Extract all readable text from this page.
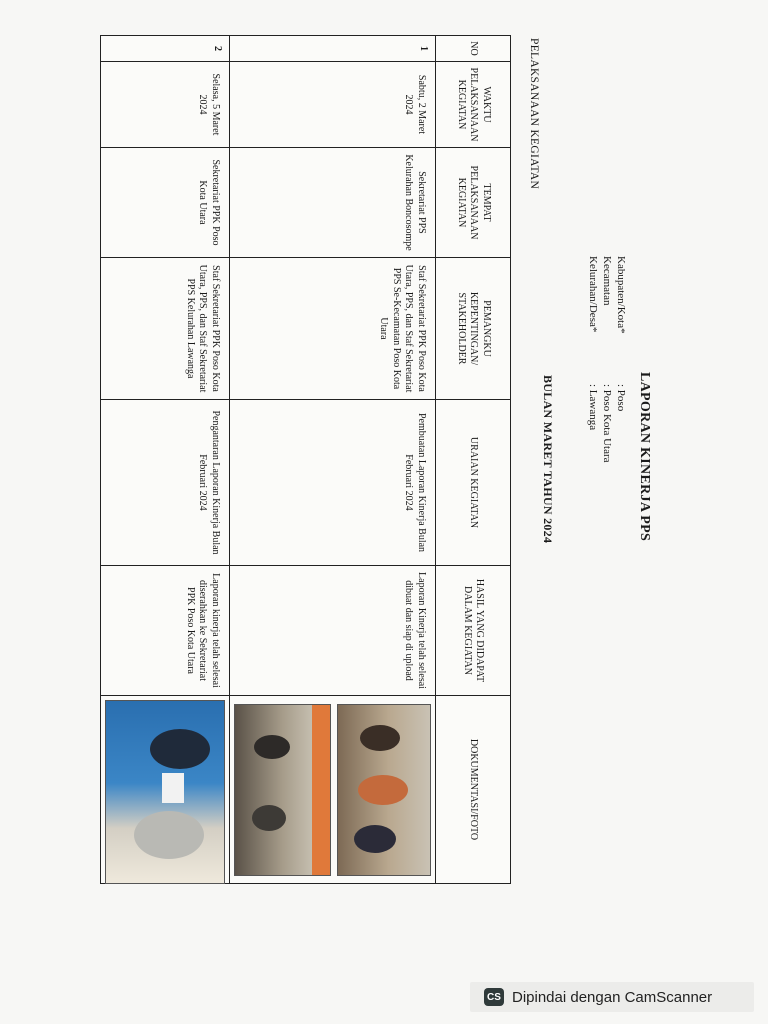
LAPORAN KINERJA PPS
Kabupaten/Kota*
: Poso
Kecamatan
: Poso Kota Utara
Kelurahan/Desa*
: Lawanga
BULAN MARET TAHUN 2024
PELAKSANAAN KEGIATAN
NO	WAKTU PELAKSANAAN KEGIATAN	TEMPAT PELAKSANAAN KEGIATAN	PEMANGKU KEPENTINGAN/ STAKEHOLDER	URAIAN KEGIATAN	HASIL YANG DIDAPAT DALAM KEGIATAN	DOKUMENTASI/FOTO
1	Sabtu, 2 Maret 2024	Sekretariat PPS Kelurahan Boncosompe	Staf Sekretariat PPK Poso Kota Utara, PPS, dan Staf Sekretariat PPS Se-Kecamatan Poso Kota Utara	Pembuatan Laporan Kinerja Bulan Februari 2024	Laporan Kinerja telah selesai dibuat dan siap di upload	

2	Selasa, 5 Maret 2024	Sekretariat PPK Poso Kota Utara	Staf Sekretariat PPK Poso Kota Utara, PPS, dan Staf Sekretariat PPS Kelurahan Lawanga	Pengantaran Laporan Kinerja Bulan Februari 2024	Laporan kinerja telah selesai diserahkan ke Sekretariat PPK Poso Kota Utara	
CS Dipindai dengan CamScanner
